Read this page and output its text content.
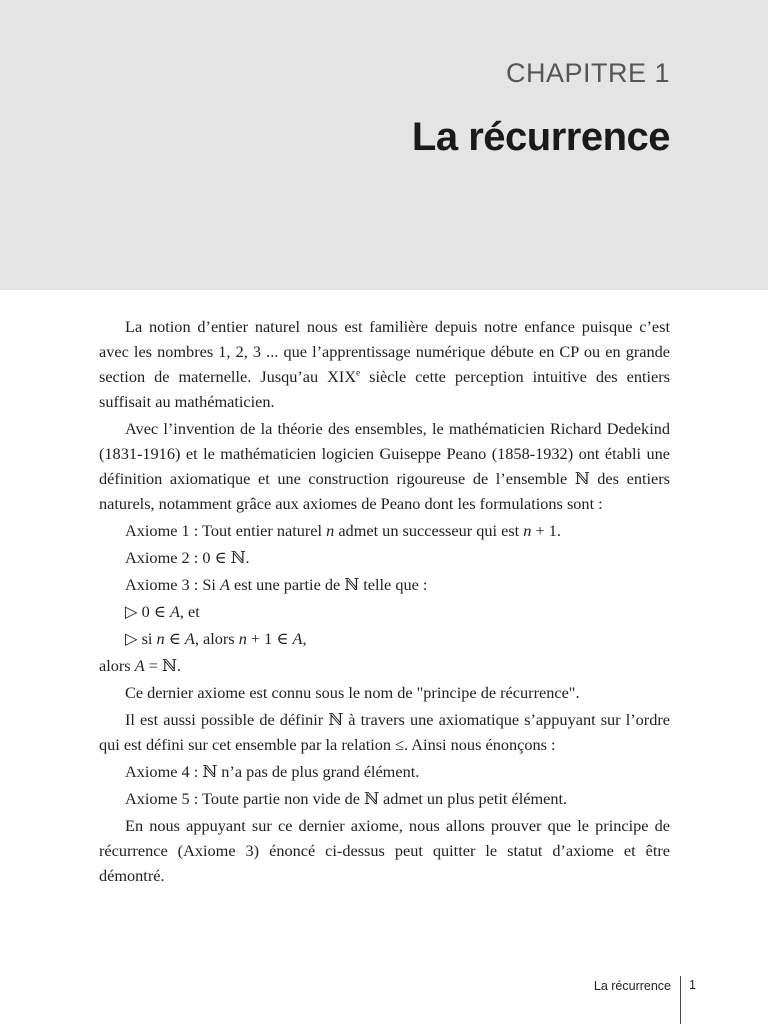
CHAPITRE 1
La récurrence

La notion d’entier naturel nous est familière depuis notre enfance puisque c’est avec les nombres 1, 2, 3 ... que l’apprentissage numérique débute en CP ou en grande section de maternelle. Jusqu’au XIXe siècle cette perception intuitive des entiers suffisait au mathématicien.

Avec l’invention de la théorie des ensembles, le mathématicien Richard Dedekind (1831-1916) et le mathématicien logicien Guiseppe Peano (1858-1932) ont établi une définition axiomatique et une construction rigoureuse de l’ensemble ℕ des entiers naturels, notamment grâce aux axiomes de Peano dont les formulations sont :

Axiome 1 : Tout entier naturel n admet un successeur qui est n + 1.

Axiome 2 : 0 ∈ ℕ.

Axiome 3 : Si A est une partie de ℕ telle que :

▷ 0 ∈ A, et

▷ si n ∈ A, alors n + 1 ∈ A,

alors A = ℕ.

Ce dernier axiome est connu sous le nom de "principe de récurrence".

Il est aussi possible de définir ℕ à travers une axiomatique s’appuyant sur l’ordre qui est défini sur cet ensemble par la relation ≤. Ainsi nous énonçons :

Axiome 4 : ℕ n’a pas de plus grand élément.

Axiome 5 : Toute partie non vide de ℕ admet un plus petit élément.

En nous appuyant sur ce dernier axiome, nous allons prouver que le principe de récurrence (Axiome 3) énoncé ci-dessus peut quitter le statut d’axiome et être démontré.

La récurrence 1
